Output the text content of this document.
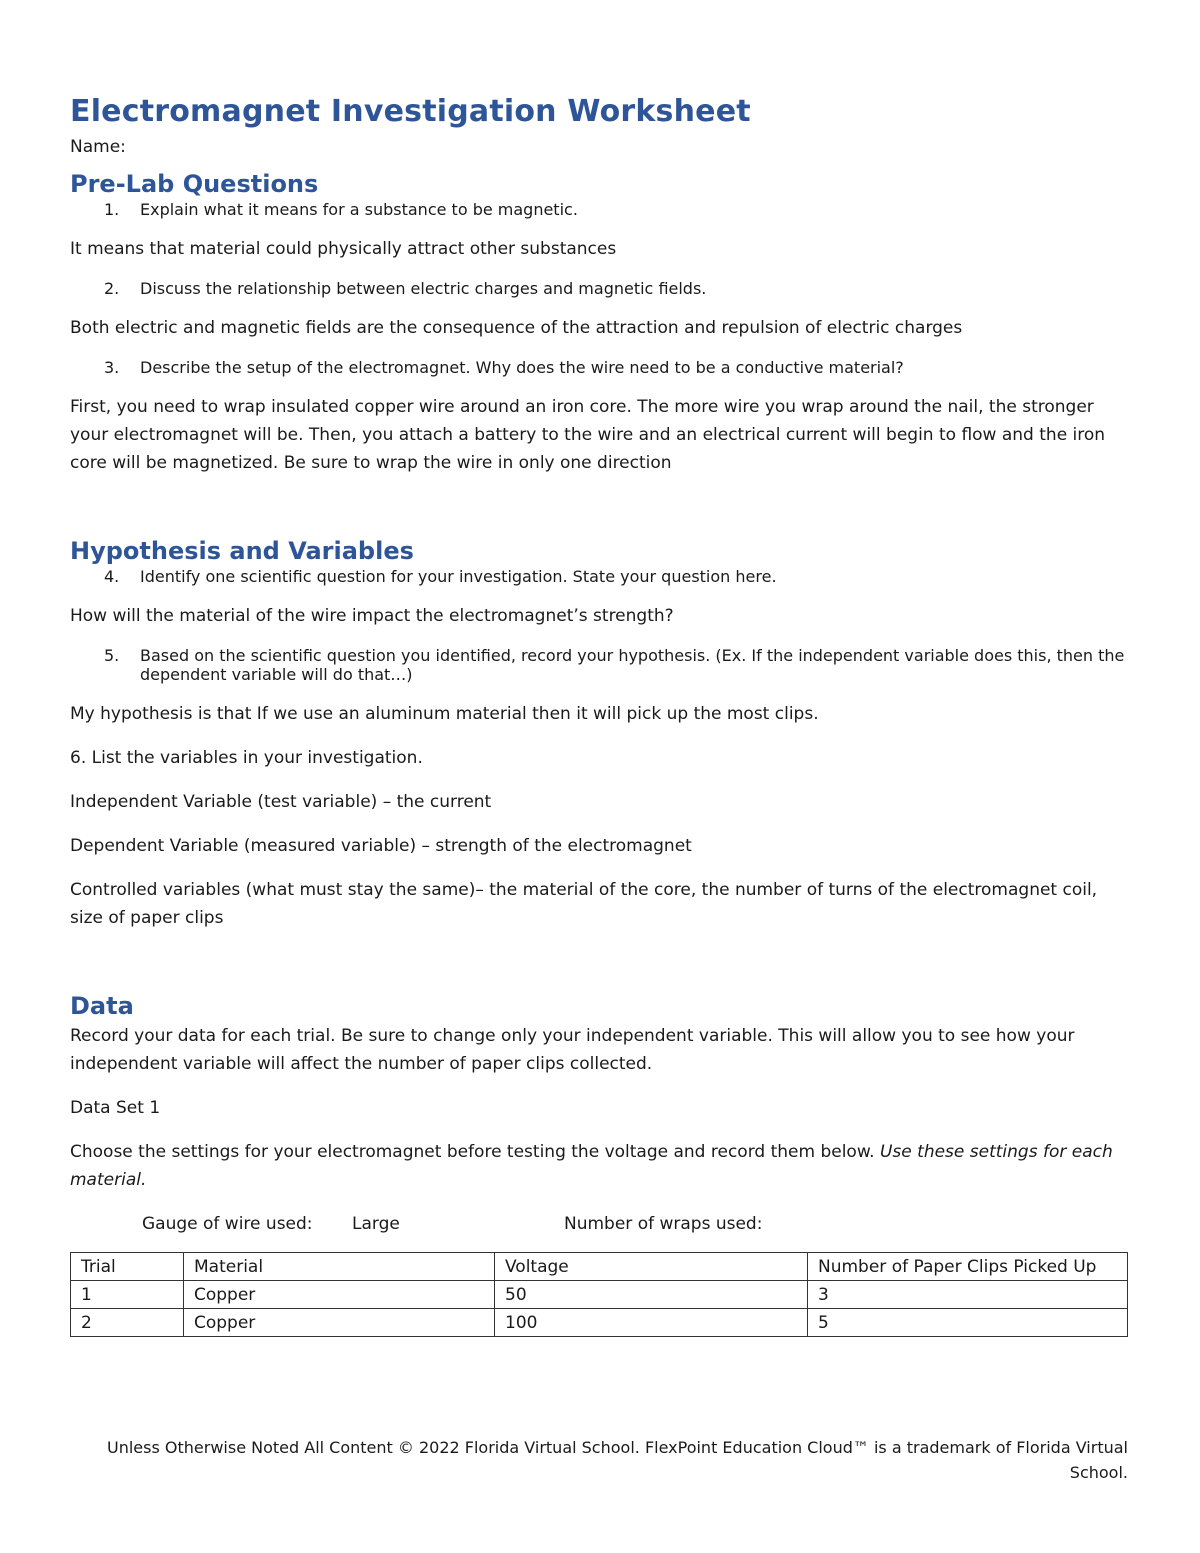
Electromagnet Investigation Worksheet

Name:

Pre-Lab Questions
1.	Explain what it means for a substance to be magnetic.

It means that material could physically attract other substances

2.	Discuss the relationship between electric charges and magnetic fields.

Both electric and magnetic fields are the consequence of the attraction and repulsion of electric charges

3.	Describe the setup of the electromagnet. Why does the wire need to be a conductive material?

First, you need to wrap insulated copper wire around an iron core. The more wire you wrap around the nail, the stronger your electromagnet will be. Then, you attach a battery to the wire and an electrical current will begin to flow and the iron core will be magnetized. Be sure to wrap the wire in only one direction

Hypothesis and Variables
4.	Identify one scientific question for your investigation. State your question here.

How will the material of the wire impact the electromagnet’s strength?

5.	Based on the scientific question you identified, record your hypothesis. (Ex. If the independent variable does this, then the dependent variable will do that…)

My hypothesis is that If we use an aluminum material then it will pick up the most clips.

6. List the variables in your investigation.

Independent Variable (test variable) – the current

Dependent Variable (measured variable) – strength of the electromagnet

Controlled variables (what must stay the same)– the material of the core, the number of turns of the electromagnet coil, size of paper clips

Data

Record your data for each trial. Be sure to change only your independent variable. This will allow you to see how your independent variable will affect the number of paper clips collected.

Data Set 1

Choose the settings for your electromagnet before testing the voltage and record them below. Use these settings for each material.

Gauge of wire used:	Large	Number of wraps used:
Trial	Material	Voltage	Number of Paper Clips Picked Up
1	Copper	50	3
2	Copper	100	5
Unless Otherwise Noted All Content © 2022 Florida Virtual School. FlexPoint Education Cloud™ is a trademark of Florida Virtual School.
